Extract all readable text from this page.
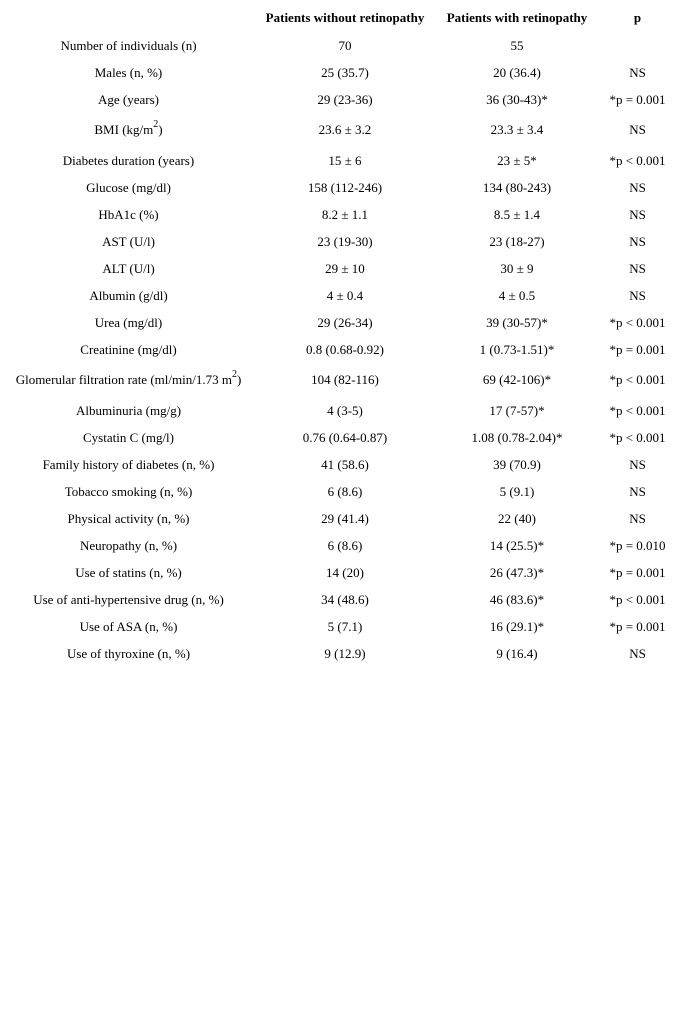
	Patients without retinopathy	Patients with retinopathy	p
Number of individuals (n)	70	55	
Males (n, %)	25 (35.7)	20 (36.4)	NS
Age (years)	29 (23-36)	36 (30-43)*	*p = 0.001
BMI $(kg/m^2)$	23.6 ± 3.2	23.3 ± 3.4	NS
Diabetes duration (years)	15 ± 6	23 ± 5*	*p < 0.001
Glucose (mg/dl)	158 (112-246)	134 (80-243)	NS
HbA1c (%)	8.2 ± 1.1	8.5 ± 1.4	NS
AST (U/l)	23 (19-30)	23 (18-27)	NS
ALT (U/l)	29 ± 10	30 ± 9	NS
Albumin (g/dl)	4 ± 0.4	4 ± 0.5	NS
Urea (mg/dl)	29 (26-34)	39 (30-57)*	*p < 0.001
Creatinine (mg/dl)	0.8 (0.68-0.92)	1 (0.73-1.51)*	*p = 0.001
Glomerular filtration rate (ml/min/1.73 $m^2$)	104 (82-116)	69 (42-106)*	*p < 0.001
Albuminuria (mg/g)	4 (3-5)	17 (7-57)*	*p < 0.001
Cystatin C (mg/l)	0.76 (0.64-0.87)	1.08 (0.78-2.04)*	*p < 0.001
Family history of diabetes (n, %)	41 (58.6)	39 (70.9)	NS
Tobacco smoking (n, %)	6 (8.6)	5 (9.1)	NS
Physical activity (n, %)	29 (41.4)	22 (40)	NS
Neuropathy (n, %)	6 (8.6)	14 (25.5)*	*p = 0.010
Use of statins (n, %)	14 (20)	26 (47.3)*	*p = 0.001
Use of anti-hypertensive drug (n, %)	34 (48.6)	46 (83.6)*	*p < 0.001
Use of ASA (n, %)	5 (7.1)	16 (29.1)*	*p = 0.001
Use of thyroxine (n, %)	9 (12.9)	9 (16.4)	NS
